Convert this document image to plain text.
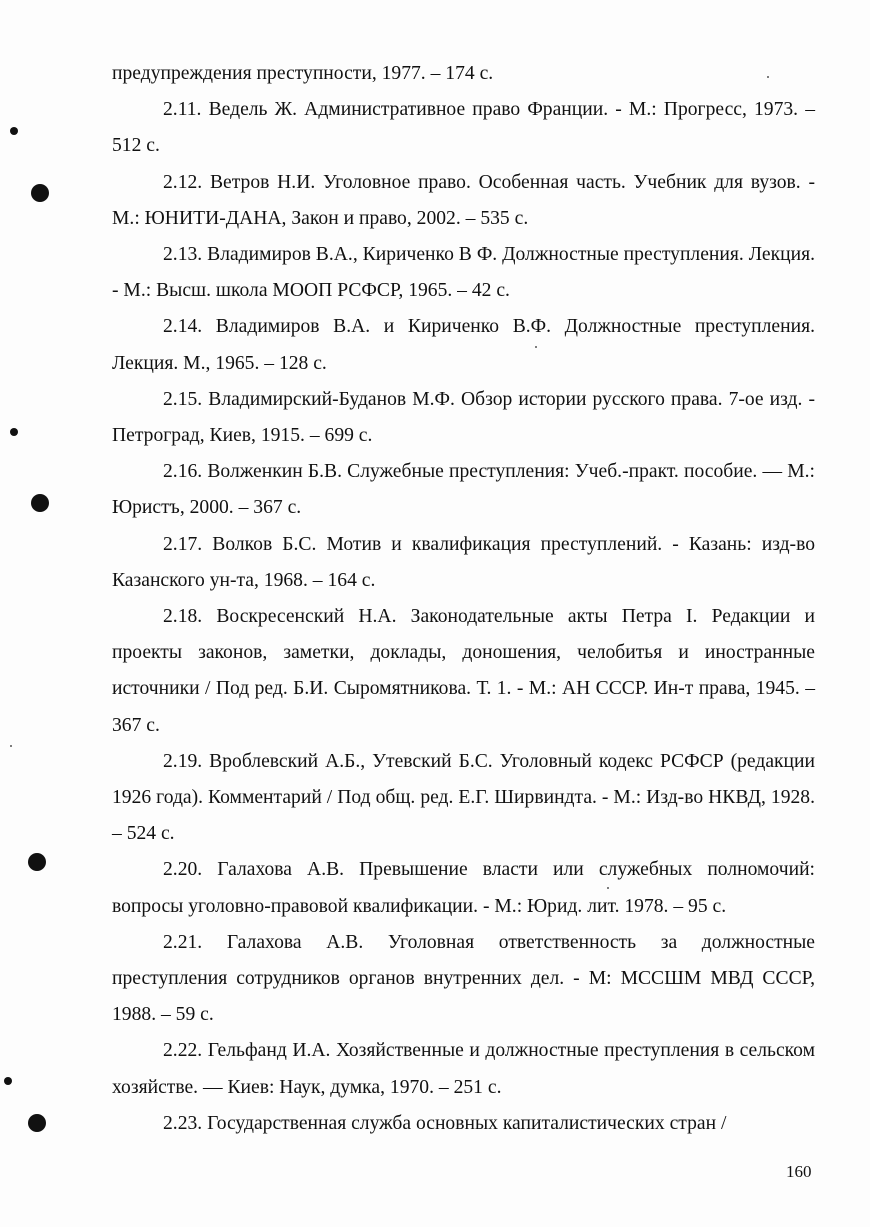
предупреждения преступности, 1977. – 174 с.

2.11. Ведель Ж. Административное право Франции. - М.: Прогресс, 1973. – 512 с.

2.12. Ветров Н.И. Уголовное право. Особенная часть. Учебник для вузов. - М.: ЮНИТИ-ДАНА, Закон и право, 2002. – 535 с.

2.13. Владимиров В.А., Кириченко В Ф. Должностные преступления. Лекция. - М.: Высш. школа МООП РСФСР, 1965. – 42 с.

2.14. Владимиров В.А. и Кириченко В.Ф. Должностные преступления. Лекция. М., 1965. – 128 с.

2.15. Владимирский-Буданов М.Ф. Обзор истории русского права. 7-ое изд. - Петроград, Киев, 1915. – 699 с.

2.16. Волженкин Б.В. Служебные преступления: Учеб.-практ. пособие. — М.: Юристъ, 2000. – 367 с.

2.17. Волков Б.С. Мотив и квалификация преступлений. - Казань: изд-во Казанского ун-та, 1968. – 164 с.

2.18. Воскресенский Н.А. Законодательные акты Петра I. Редакции и проекты законов, заметки, доклады, доношения, челобитья и иностранные источники / Под ред. Б.И. Сыромятникова. Т. 1. - М.: АН СССР. Ин-т права, 1945. – 367 с.

2.19. Вроблевский А.Б., Утевский Б.С. Уголовный кодекс РСФСР (редакции 1926 года). Комментарий / Под общ. ред. Е.Г. Ширвиндта. - М.: Изд-во НКВД, 1928. – 524 с.

2.20. Галахова А.В. Превышение власти или служебных полномочий: вопросы уголовно-правовой квалификации. - М.: Юрид. лит. 1978. – 95 с.

2.21. Галахова А.В. Уголовная ответственность за должностные преступления сотрудников органов внутренних дел. - М: МССШМ МВД СССР, 1988. – 59 с.

2.22. Гельфанд И.А. Хозяйственные и должностные преступления в сельском хозяйстве. — Киев: Наук, думка, 1970. – 251 с.

2.23. Государственная служба основных капиталистических стран /

160
